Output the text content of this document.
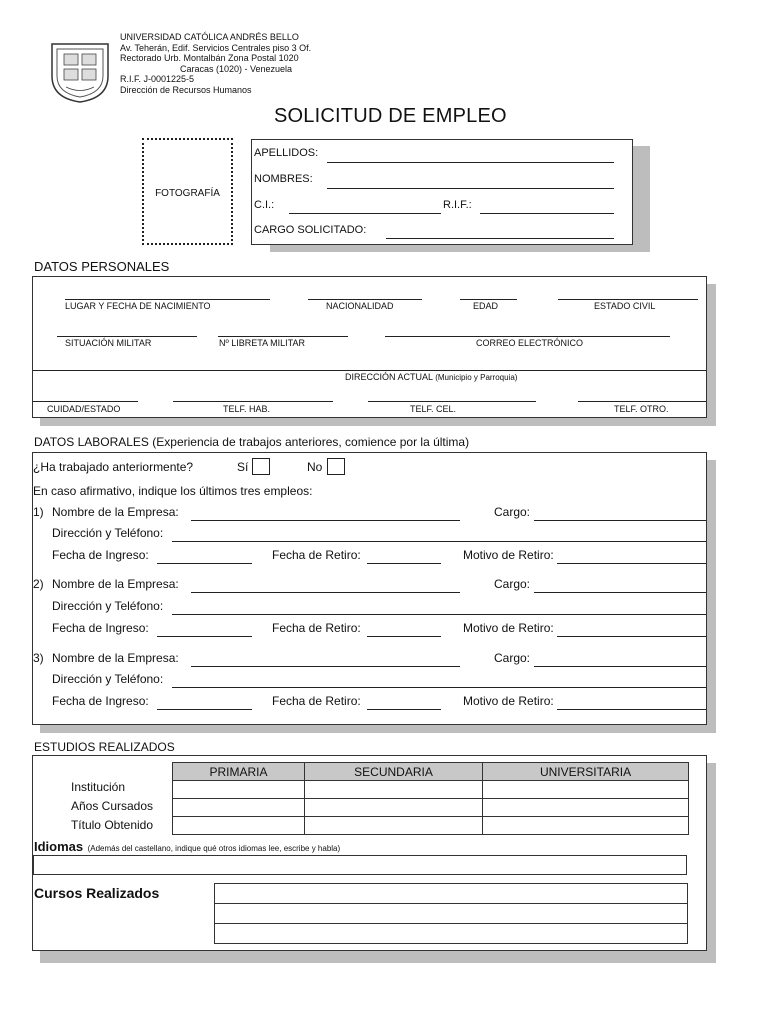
UNIVERSIDAD CATÓLICA ANDRÉS BELLO
Av. Teherán, Edif. Servicios Centrales piso 3 Of.
Rectorado Urb. Montalbán Zona Postal 1020
Caracas (1020) - Venezuela
R.I.F. J-0001225-5
Dirección de Recursos Humanos
SOLICITUD DE EMPLEO
FOTOGRAFÍA
APELLIDOS:
NOMBRES:
C.I.:	R.I.F.:
CARGO SOLICITADO:
DATOS PERSONALES
LUGAR Y FECHA DE NACIMIENTO	NACIONALIDAD	EDAD	ESTADO CIVIL
SITUACIÓN MILITAR	Nº LIBRETA MILITAR	CORREO ELECTRÓNICO
DIRECCIÓN ACTUAL (Municipio y Parroquia)
CUIDAD/ESTADO	TELF. HAB.	TELF. CEL.	TELF. OTRO.
DATOS LABORALES (Experiencia de trabajos anteriores, comience por la última)
¿Ha trabajado anteriormente?	Sí	No
En caso afirmativo, indique los últimos tres empleos:
1) Nombre de la Empresa:	Cargo:
Dirección y Teléfono:
Fecha de Ingreso:	Fecha de Retiro:	Motivo de Retiro:
2) Nombre de la Empresa:	Cargo:
Dirección y Teléfono:
Fecha de Ingreso:	Fecha de Retiro:	Motivo de Retiro:
3) Nombre de la Empresa:	Cargo:
Dirección y Teléfono:
Fecha de Ingreso:	Fecha de Retiro:	Motivo de Retiro:
ESTUDIOS REALIZADOS
PRIMARIA	SECUNDARIA	UNIVERSITARIA

Institución
Años Cursados
Título Obtenido
Idiomas (Además del castellano, indique qué otros idiomas lee, escribe y habla)
Cursos Realizados
